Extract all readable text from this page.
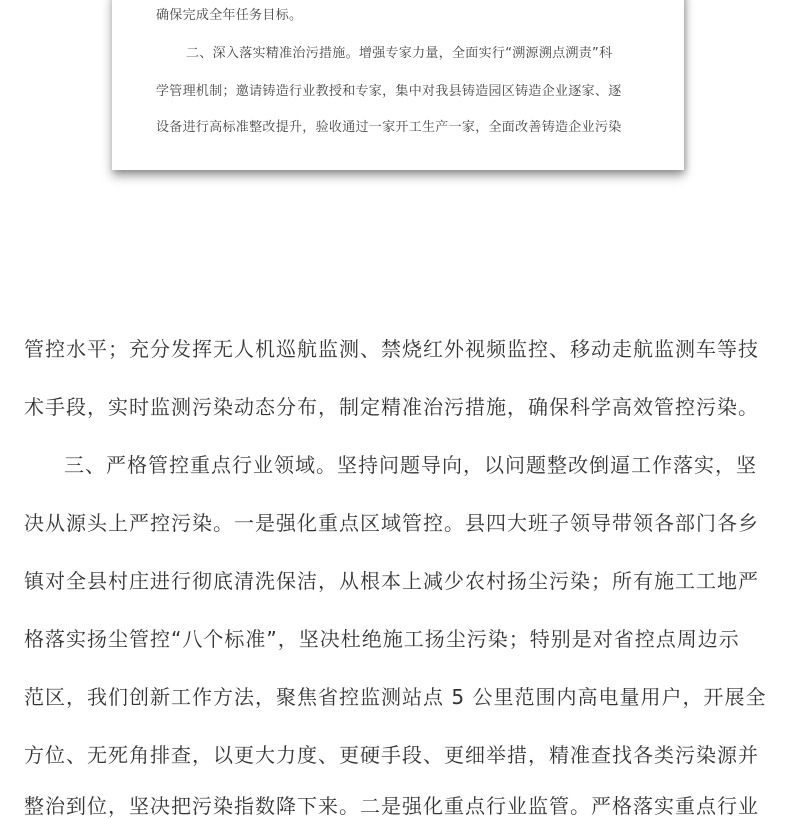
确保完成全年任务目标。
二、深入落实精准治污措施。增强专家力量，全面实行“溯源溯点溯责”科
学管理机制；邀请铸造行业教授和专家，集中对我县铸造园区铸造企业逐家、逐
设备进行高标准整改提升，验收通过一家开工生产一家，全面改善铸造企业污染
管控水平；充分发挥无人机巡航监测、禁烧红外视频监控、移动走航监测车等技
术手段，实时监测污染动态分布，制定精准治污措施，确保科学高效管控污染。
三、严格管控重点行业领域。坚持问题导向，以问题整改倒逼工作落实，坚
决从源头上严控污染。一是强化重点区域管控。县四大班子领导带领各部门各乡
镇对全县村庄进行彻底清洗保洁，从根本上减少农村扬尘污染；所有施工工地严
格落实扬尘管控“八个标准”，坚决杜绝施工扬尘污染；特别是对省控点周边示
范区，我们创新工作方法，聚焦省控监测站点 5 公里范围内高电量用户，开展全
方位、无死角排查，以更大力度、更硬手段、更细举措，精准查找各类污染源并
整治到位，坚决把污染指数降下来。二是强化重点行业监管。严格落实重点行业
